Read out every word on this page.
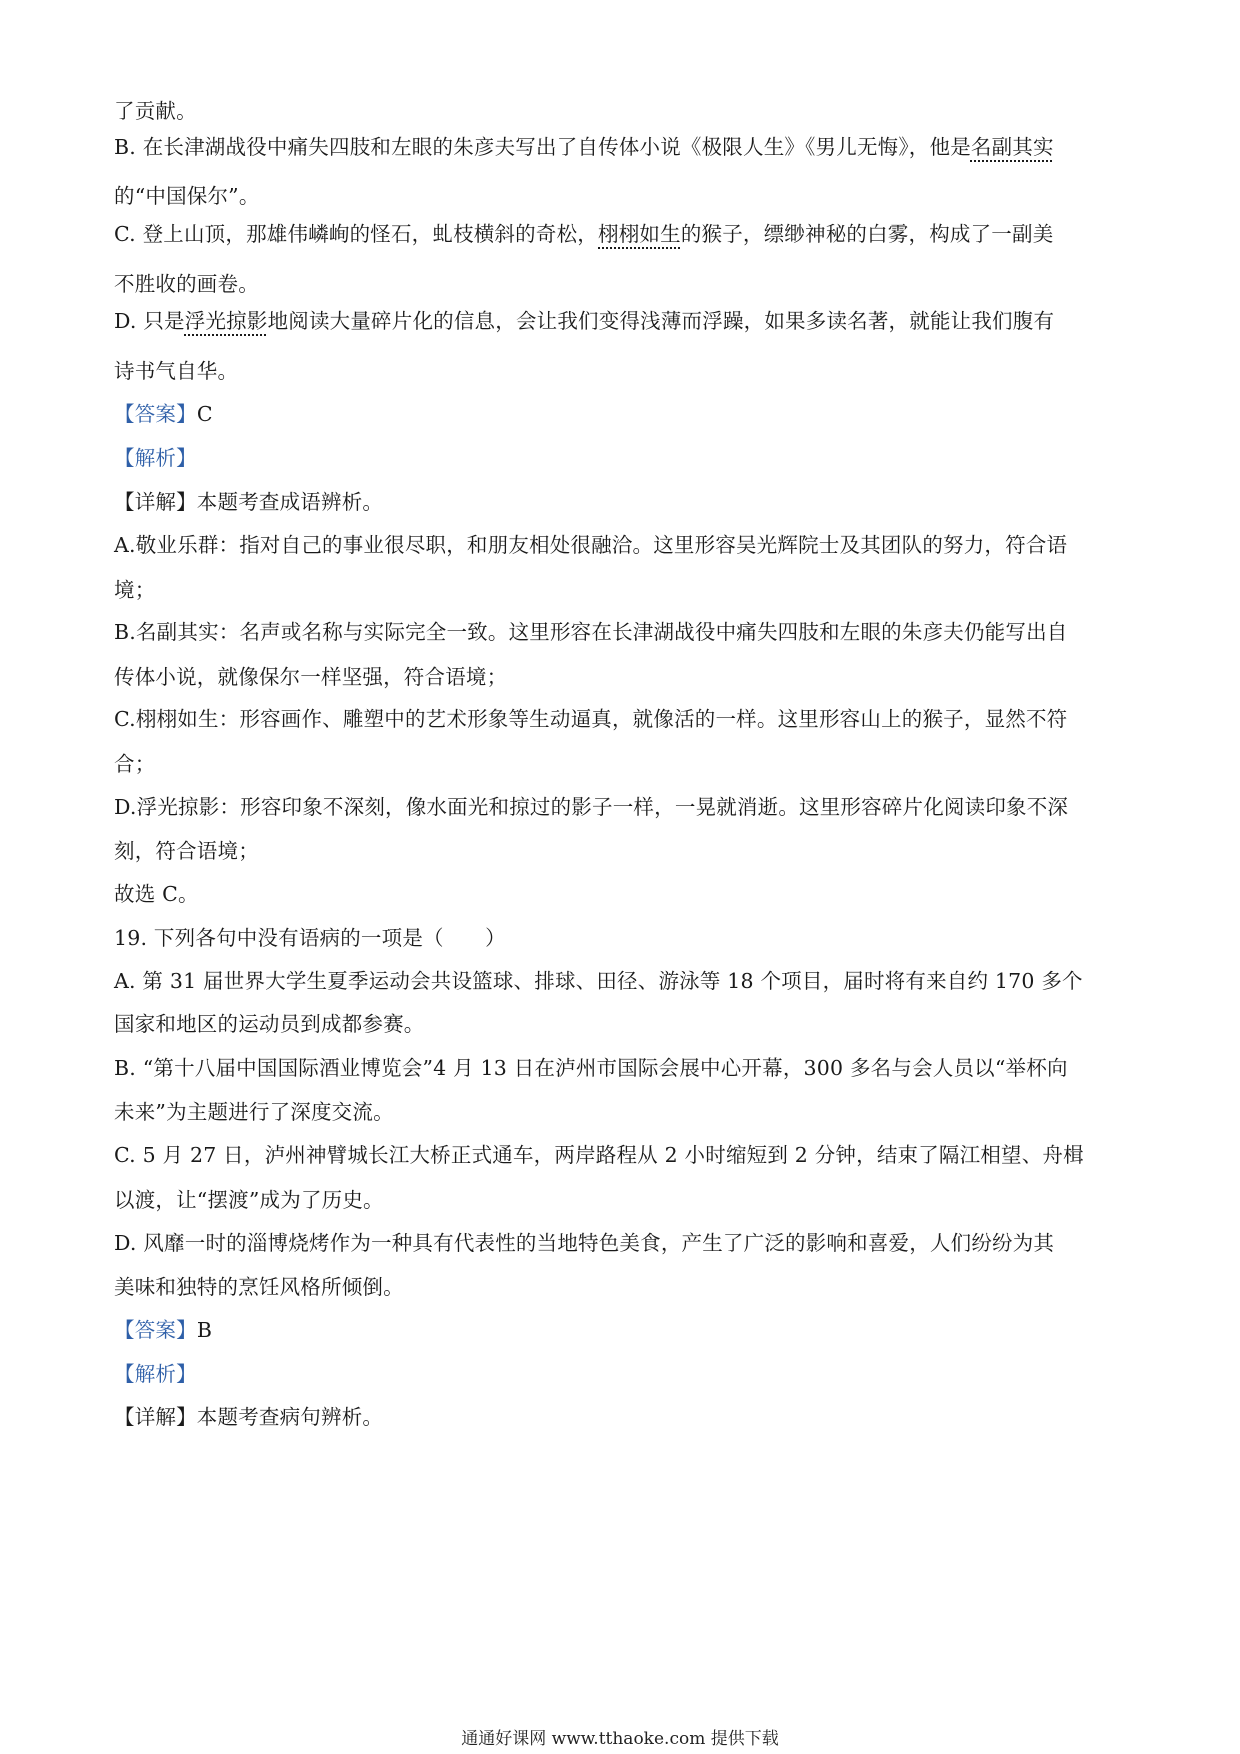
了贡献。
B. 在长津湖战役中痛失四肢和左眼的朱彦夫写出了自传体小说《极限人生》《男儿无悔》，他是名副其实
的“中国保尔”。
C. 登上山顶，那雄伟嶙峋的怪石，虬枝横斜的奇松，栩栩如生的猴子，缥缈神秘的白雾，构成了一副美
不胜收的画卷。
D. 只是浮光掠影地阅读大量碎片化的信息，会让我们变得浅薄而浮躁，如果多读名著，就能让我们腹有
诗书气自华。
【答案】C
【解析】
【详解】本题考查成语辨析。
A.敬业乐群：指对自己的事业很尽职，和朋友相处很融洽。这里形容吴光辉院士及其团队的努力，符合语
境；
B.名副其实：名声或名称与实际完全一致。这里形容在长津湖战役中痛失四肢和左眼的朱彦夫仍能写出自
传体小说，就像保尔一样坚强，符合语境；
C.栩栩如生：形容画作、雕塑中的艺术形象等生动逼真，就像活的一样。这里形容山上的猴子，显然不符
合；
D.浮光掠影：形容印象不深刻，像水面光和掠过的影子一样，一晃就消逝。这里形容碎片化阅读印象不深
刻，符合语境；
故选 C。
19. 下列各句中没有语病的一项是（　　）
A. 第 31 届世界大学生夏季运动会共设篮球、排球、田径、游泳等 18 个项目，届时将有来自约 170 多个
国家和地区的运动员到成都参赛。
B. “第十八届中国国际酒业博览会”4 月 13 日在泸州市国际会展中心开幕，300 多名与会人员以“举杯向
未来”为主题进行了深度交流。
C. 5 月 27 日，泸州神臂城长江大桥正式通车，两岸路程从 2 小时缩短到 2 分钟，结束了隔江相望、舟楫
以渡，让“摆渡”成为了历史。
D. 风靡一时的淄博烧烤作为一种具有代表性的当地特色美食，产生了广泛的影响和喜爱，人们纷纷为其
美味和独特的烹饪风格所倾倒。
【答案】B
【解析】
【详解】本题考查病句辨析。
通通好课网 www.tthaoke.com 提供下载
